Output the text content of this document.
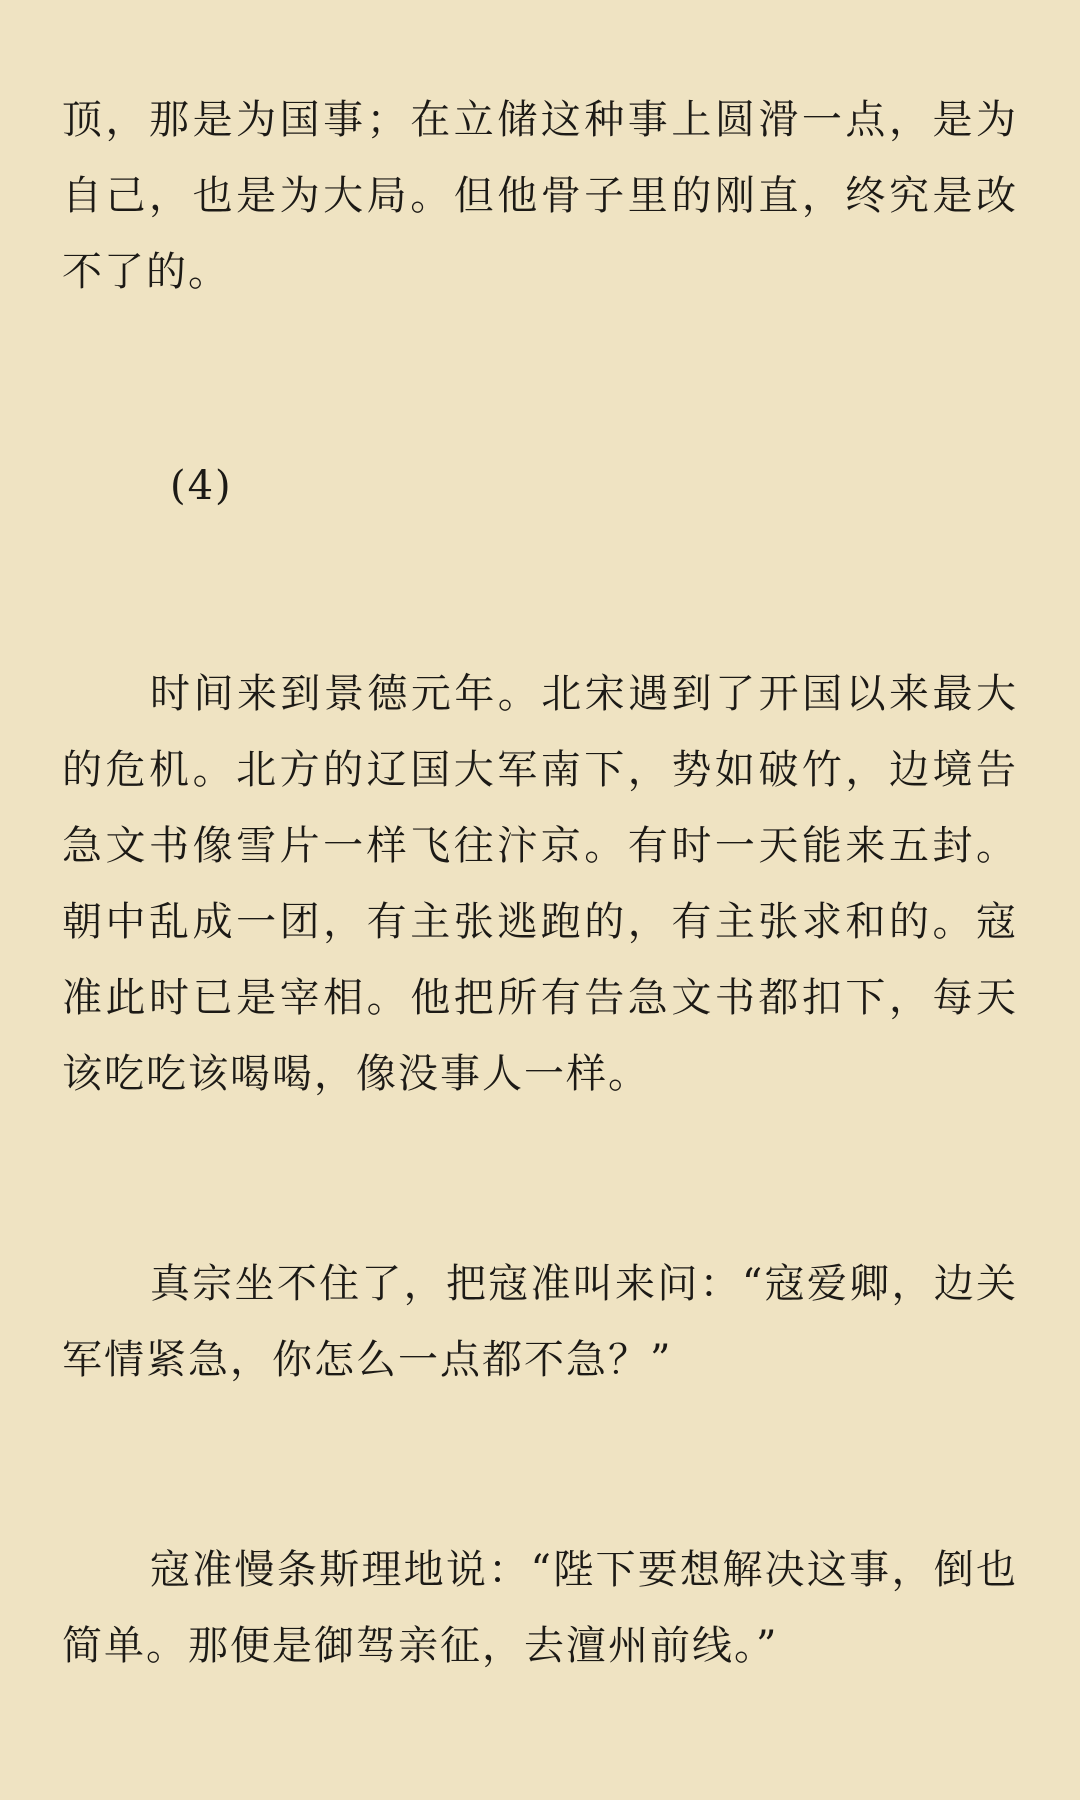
顶，那是为国事；在立储这种事上圆滑一点，是为自己，也是为大局。但他骨子里的刚直，终究是改不了的。

(4)

时间来到景德元年。北宋遇到了开国以来最大的危机。北方的辽国大军南下，势如破竹，边境告急文书像雪片一样飞往汴京。有时一天能来五封。朝中乱成一团，有主张逃跑的，有主张求和的。寇准此时已是宰相。他把所有告急文书都扣下，每天该吃吃该喝喝，像没事人一样。

真宗坐不住了，把寇准叫来问：“寇爱卿，边关军情紧急，你怎么一点都不急？”

寇准慢条斯理地说：“陛下要想解决这事，倒也简单。那便是御驾亲征，去澶州前线。”
